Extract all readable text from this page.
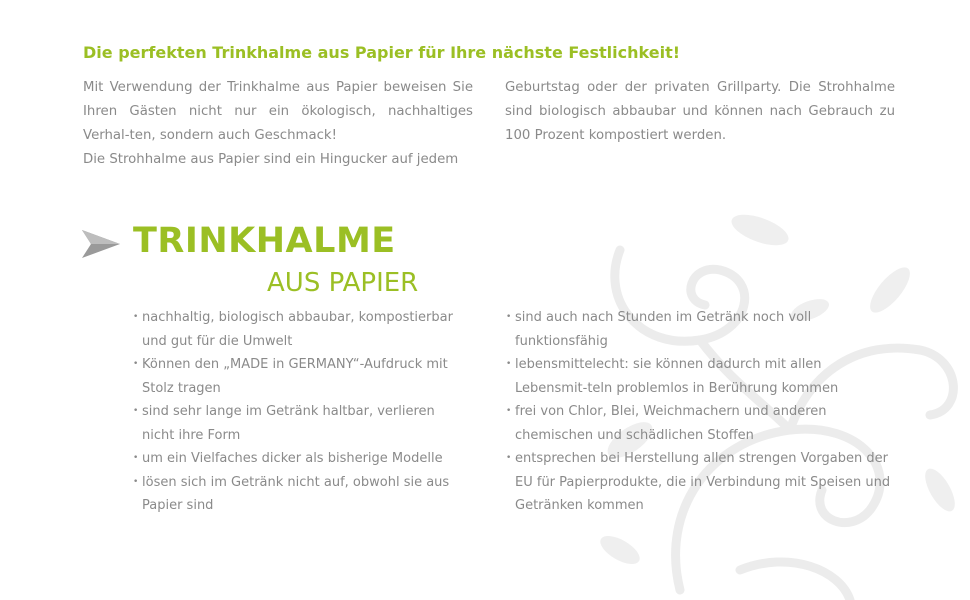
Die perfekten Trinkhalme aus Papier für Ihre nächste Festlichkeit!

Mit Verwendung der Trinkhalme aus Papier beweisen Sie Ihren Gästen nicht nur ein ökologisch, nachhaltiges Verhal-ten, sondern auch Geschmack!

Die Strohhalme aus Papier sind ein Hingucker auf jedem

Geburtstag oder der privaten Grillparty. Die Strohhalme sind biologisch abbaubar und können nach Gebrauch zu 100 Prozent kompostiert werden.

TRINKHALME
AUS PAPIER
• nachhaltig, biologisch abbaubar, kompostierbar und gut für die Umwelt
• Können den „MADE in GERMANY“-Aufdruck mit Stolz tragen
• sind sehr lange im Getränk haltbar, verlieren nicht ihre Form
• um ein Vielfaches dicker als bisherige Modelle
• lösen sich im Getränk nicht auf, obwohl sie aus Papier sind
• sind auch nach Stunden im Getränk noch voll funktionsfähig
• lebensmittelecht: sie können dadurch mit allen Lebensmit-teln problemlos in Berührung kommen
• frei von Chlor, Blei, Weichmachern und anderen chemischen und schädlichen Stoffen
• entsprechen bei Herstellung allen strengen Vorgaben der EU für Papierprodukte, die in Verbindung mit Speisen und Getränken kommen
